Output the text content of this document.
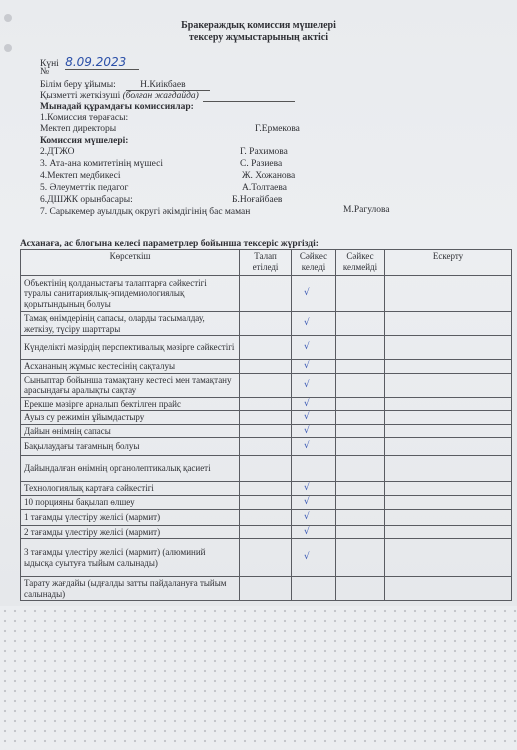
Бракераждық комиссия мүшелері
тексеру жұмыстарының актісі
Күні 8.09.2023
№
Білім беру ұйымы:	Н.Киікбаев
Қызметті жеткізуші (болған жағдайда)
Мынадай құрамдағы комиссиялар:
1.Комиссия төрағасы:
Мектеп директоры	Г.Ермекова
Комиссия мүшелері:
2.ДТЖО	Г. Рахимова
3. Ата-ана комитетінің мүшесі	С. Разиева
4.Мектеп медбикесі	Ж. Хожанова
5. Әлеуметтік педагог	А.Толтаева
6.ДШЖК орынбасары:	Б.Ноғайбаев
7. Сарыкемер ауылдық округі әкімдігінің бас маман	М.Рагулова
Асханаға, ас блогына келесі параметрлер бойынша тексеріс жүргізді:
Көрсеткіш	Талап етіледі	Сәйкес келеді	Сәйкес келмейді	Ескерту
Объектінің қолданыстағы талаптарға сәйкестігі туралы санитариялық-эпидемиологиялық қорытындының болуы		√		
Тамақ өнімдерінің сапасы, оларды тасымалдау, жеткізу, түсіру шарттары		√		
Күнделікті мәзірдің перспективалық мәзірге сәйкестігі		√		
Асхананың жұмыс кестесінің сақталуы		√		
Сыныптар бойынша тамақтану кестесі мен тамақтану арасындағы аралықты сақтау		√		
Ерекше мәзірге арналып бектілген прайс		√		
Ауыз су режимін ұйымдастыру		√		
Дайын өнімнің сапасы		√		
Бақылаудағы тағамның болуы		√		
Дайындалған өнімнің органолептикалық қасиеті				
Технологиялық картаға сәйкестігі		√		
10 порцияны бақылап өлшеу		√		
1 тағамды үлестіру желісі (мармит)		√		
2 тағамды үлестіру желісі (мармит)		√		
3 тағамды үлестіру желісі (мармит) (алюминий ыдысқа суытуға тыйым салынады)		√		
Тарату жағдайы (ыдғалды затты пайдалануға тыйым салынады)				
